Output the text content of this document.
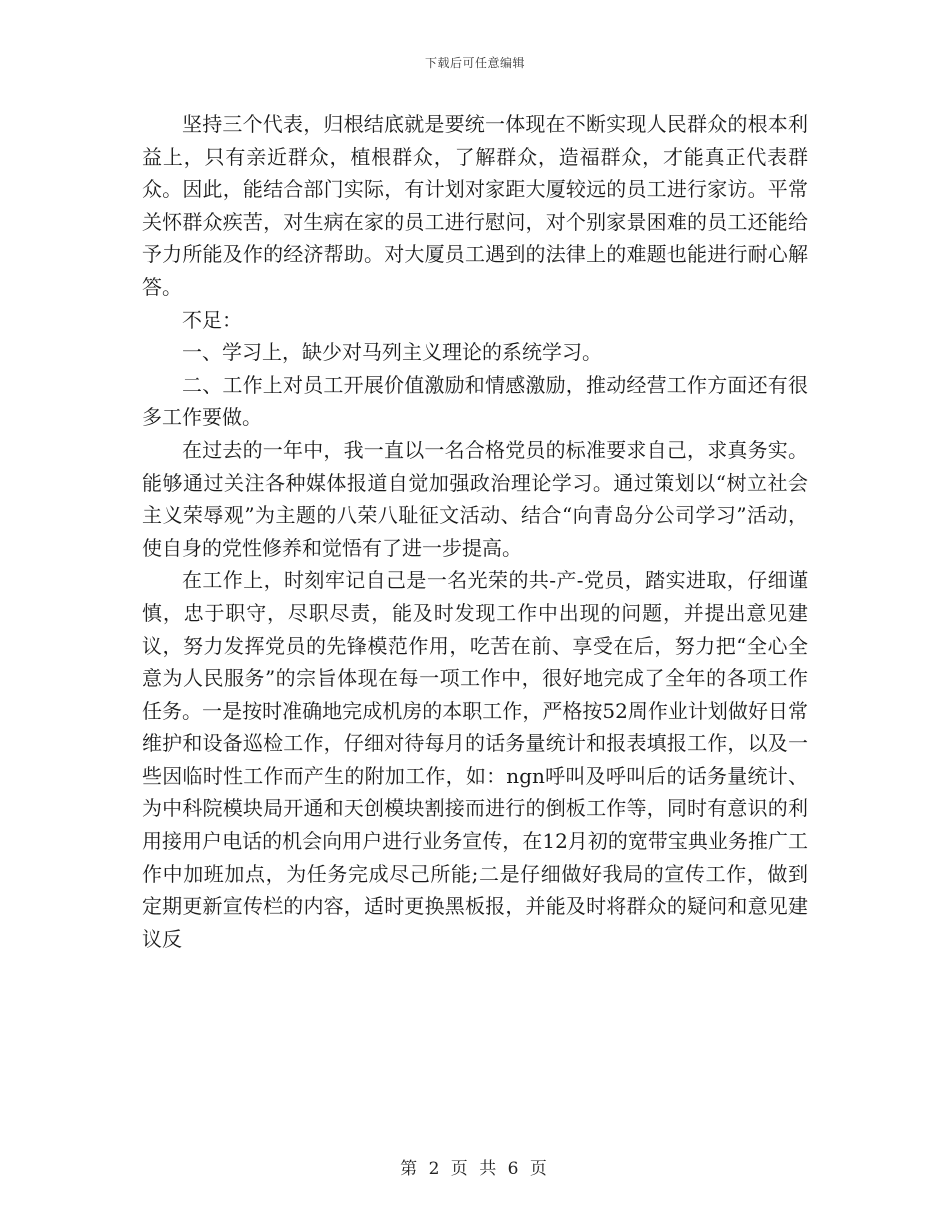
下载后可任意编辑

坚持三个代表，归根结底就是要统一体现在不断实现人民群众的根本利益上，只有亲近群众，植根群众，了解群众，造福群众，才能真正代表群众。因此，能结合部门实际，有计划对家距大厦较远的员工进行家访。平常关怀群众疾苦，对生病在家的员工进行慰问，对个别家景困难的员工还能给予力所能及作的经济帮助。对大厦员工遇到的法律上的难题也能进行耐心解答。

不足：

一、学习上，缺少对马列主义理论的系统学习。

二、工作上对员工开展价值激励和情感激励，推动经营工作方面还有很多工作要做。

在过去的一年中，我一直以一名合格党员的标准要求自己，求真务实。能够通过关注各种媒体报道自觉加强政治理论学习。通过策划以“树立社会主义荣辱观”为主题的八荣八耻征文活动、结合“向青岛分公司学习”活动，使自身的党性修养和觉悟有了进一步提高。

在工作上，时刻牢记自己是一名光荣的共-产-党员，踏实进取，仔细谨慎，忠于职守，尽职尽责，能及时发现工作中出现的问题，并提出意见建议，努力发挥党员的先锋模范作用，吃苦在前、享受在后，努力把“全心全意为人民服务”的宗旨体现在每一项工作中，很好地完成了全年的各项工作任务。一是按时准确地完成机房的本职工作，严格按52周作业计划做好日常维护和设备巡检工作，仔细对待每月的话务量统计和报表填报工作，以及一些因临时性工作而产生的附加工作，如：ngn呼叫及呼叫后的话务量统计、为中科院模块局开通和天创模块割接而进行的倒板工作等，同时有意识的利用接用户电话的机会向用户进行业务宣传，在12月初的宽带宝典业务推广工作中加班加点，为任务完成尽己所能;二是仔细做好我局的宣传工作，做到定期更新宣传栏的内容，适时更换黑板报，并能及时将群众的疑问和意见建议反

第 2 页 共 6 页
